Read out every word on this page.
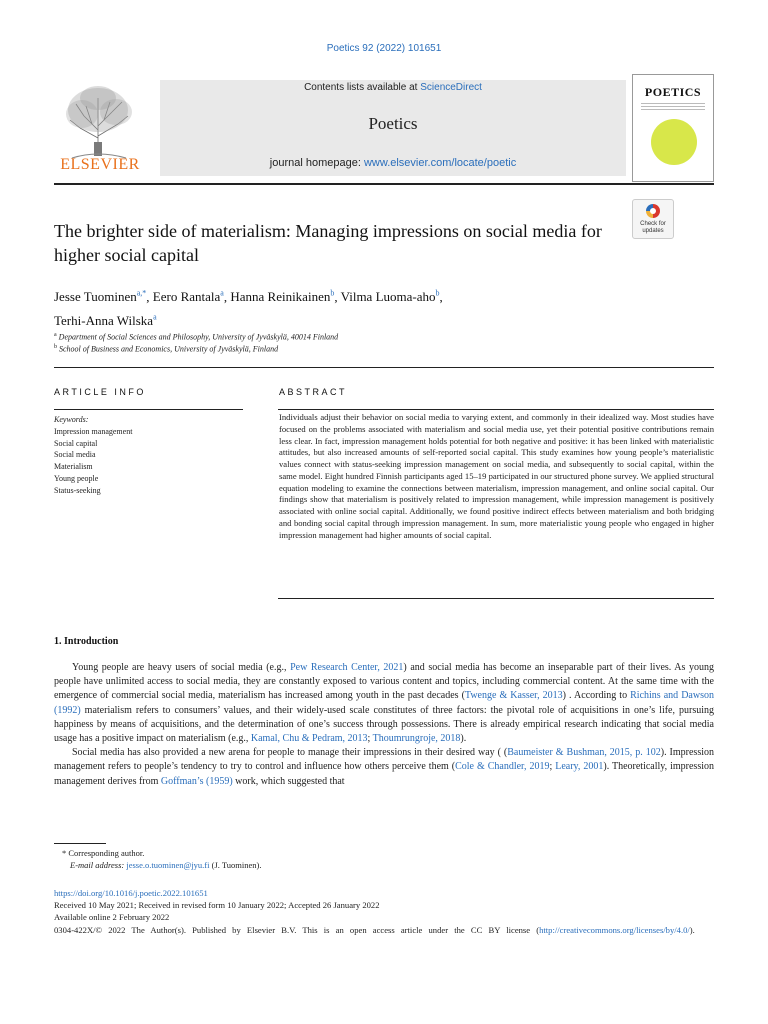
Poetics 92 (2022) 101651
ELSEVIER
Contents lists available at ScienceDirect
Poetics
journal homepage: www.elsevier.com/locate/poetic
POETICS
The brighter side of materialism: Managing impressions on social media for higher social capital
Check for updates
Jesse Tuominen$^{a,*}$, Eero Rantala$^a$, Hanna Reinikainen$^b$, Vilma Luoma-aho$^b$,
Terhi-Anna Wilska$^a$
$^a$ Department of Social Sciences and Philosophy, University of Jyväskylä, 40014 Finland
$^b$ School of Business and Economics, University of Jyväskylä, Finland
ARTICLE INFO	ABSTRACT
Keywords:
Impression management
Social capital
Social media
Materialism
Young people
Status-seeking
Individuals adjust their behavior on social media to varying extent, and commonly in their idealized way. Most studies have focused on the problems associated with materialism and social media use, yet their potential positive contributions remain less clear. In fact, impression management holds potential for both negative and positive: it has been linked with materialistic attitudes, but also increased amounts of self-reported social capital. This study examines how young people’s materialistic values connect with status-seeking impression management on social media, and subsequently to social capital, within the same model. Eight hundred Finnish participants aged 15–19 participated in our structured phone survey. We applied structural equation modeling to examine the connections between materialism, impression management, and online social capital. Our findings show that materialism is positively related to impression management, while impression management is positively associated with online social capital. Additionally, we found positive indirect effects between materialism and both bridging and bonding social capital through impression management. In sum, more materialistic young people who engaged in higher impression management had higher amounts of social capital.
1. Introduction

Young people are heavy users of social media (e.g., Pew Research Center, 2021) and social media has become an inseparable part of their lives. As young people have unlimited access to social media, they are constantly exposed to various content and topics, including commercial content. At the same time with the emergence of commercial social media, materialism has increased among youth in the past decades (Twenge & Kasser, 2013) . According to Richins and Dawson (1992) materialism refers to consumers’ values, and their widely-used scale constitutes of three factors: the pivotal role of acquisitions in one’s life, pursuing happiness by means of acquisitions, and the determination of one’s success through possessions. There is already empirical research indicating that social media usage has a positive impact on materialism (e.g., Kamal, Chu & Pedram, 2013; Thoumrungroje, 2018).

Social media has also provided a new arena for people to manage their impressions in their desired way ( (Baumeister & Bushman, 2015, p. 102). Impression management refers to people’s tendency to try to control and influence how others perceive them (Cole & Chandler, 2019; Leary, 2001). Theoretically, impression management derives from Goffman’s (1959) work, which suggested that

* Corresponding author.
E-mail address: jesse.o.tuominen@jyu.fi (J. Tuominen).
https://doi.org/10.1016/j.poetic.2022.101651
Received 10 May 2021; Received in revised form 10 January 2022; Accepted 26 January 2022
Available online 2 February 2022
0304-422X/© 2022 The Author(s). Published by Elsevier B.V. This is an open access article under the CC BY license (http://creativecommons.org/licenses/by/4.0/).
